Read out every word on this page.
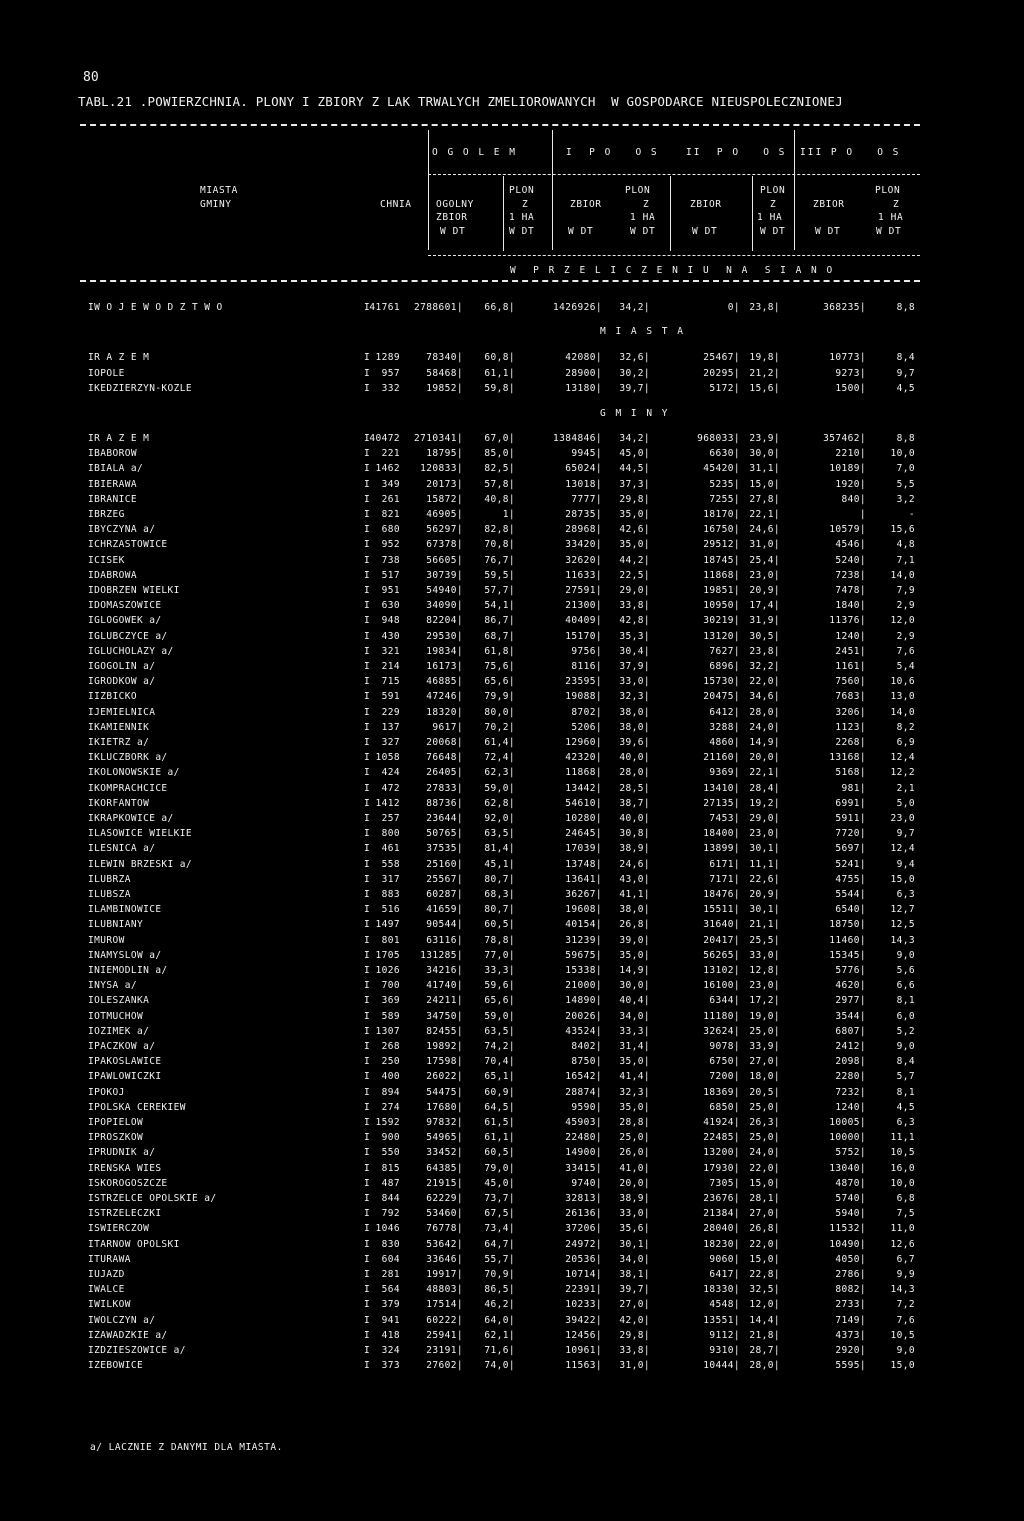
80
TABL.21 .POWIERZCHNIA. PLONY I ZBIORY Z LAK TRWALYCH ZMELIOROWANYCH  W GOSPODARCE NIEUSPOLECZNIONEJ
O G O L E M	I  P O   O S	II  P O   O S III P O   O S
MIASTA
GMINY	CHNIA
PLON	PLON	PLON	PLON
OGOLNY	Z	ZBIOR	Z	ZBIOR	Z	ZBIOR	Z
ZBIOR	1 HA	1 HA	1 HA	1 HA
W DT	W DT	W DT	W DT	W DT	W DT	W DT	W DT
W  P R Z E L I C Z E N I U  N A  S I A N O
IW O J E W O D Z T W O	I 41761	2788601|	66,8|	1426926|	34,2|	0| 23,8|	368235|	8,8
M I A S T A
IR A Z E M	I 1289	78340|	60,8|	42080|	32,6|	25467| 19,8|	10773|	8,4
IOPOLE	I	957	58468|	61,1|	28900|	30,2|	20295| 21,2|	9273|	9,7
IKEDZIERZYN-KOZLE	I	332	19852|	59,8|	13180|	39,7|	5172| 15,6|	1500|	4,5
G M I N Y
IR A Z E M	I 40472	2710341|	67,0|	1384846|	34,2|	968033| 23,9|	357462|	8,8
IBABOROW	I	221	18795|	85,0|	9945|	45,0|	6630| 30,0|	2210|	10,0
IBIALA a/	I 1462	120833|	82,5|	65024|	44,5|	45420| 31,1|	10189|	7,0
IBIERAWA	I	349	20173|	57,8|	13018|	37,3|	5235| 15,0|	1920|	5,5
IBRANICE	I	261	15872|	40,8|	7777|	29,8|	7255| 27,8|	840|	3,2
IBRZEG	I	821	46905|	1|	28735|	35,0|	18170| 22,1|	|	-
IBYCZYNA a/	I	680	56297|	82,8|	28968|	42,6|	16750| 24,6|	10579|	15,6
ICHRZASTOWICE	I	952	67378|	70,8|	33420|	35,0|	29512| 31,0|	4546|	4,8
ICISEK	I	738	56605|	76,7|	32620|	44,2|	18745| 25,4|	5240|	7,1
IDABROWA	I	517	30739|	59,5|	11633|	22,5|	11868| 23,0|	7238|	14,0
IDOBRZEN WIELKI	I	951	54940|	57,7|	27591|	29,0|	19851| 20,9|	7478|	7,9
IDOMASZOWICE	I	630	34090|	54,1|	21300|	33,8|	10950| 17,4|	1840|	2,9
IGLOGOWEK a/	I	948	82204|	86,7|	40409|	42,8|	30219| 31,9|	11376|	12,0
IGLUBCZYCE a/	I	430	29530|	68,7|	15170|	35,3|	13120| 30,5|	1240|	2,9
IGLUCHOLAZY a/	I	321	19834|	61,8|	9756|	30,4|	7627| 23,8|	2451|	7,6
IGOGOLIN a/	I	214	16173|	75,6|	8116|	37,9|	6896| 32,2|	1161|	5,4
IGRODKOW a/	I	715	46885|	65,6|	23595|	33,0|	15730| 22,0|	7560|	10,6
IIZBICKO	I	591	47246|	79,9|	19088|	32,3|	20475| 34,6|	7683|	13,0
IJEMIELNICA	I	229	18320|	80,0|	8702|	38,0|	6412| 28,0|	3206|	14,0
IKAMIENNIK	I	137	9617|	70,2|	5206|	38,0|	3288| 24,0|	1123|	8,2
IKIETRZ a/	I	327	20068|	61,4|	12960|	39,6|	4860| 14,9|	2268|	6,9
IKLUCZBORK a/	I 1058	76648|	72,4|	42320|	40,0|	21160| 20,0|	13168|	12,4
IKOLONOWSKIE a/	I	424	26405|	62,3|	11868|	28,0|	9369| 22,1|	5168|	12,2
IKOMPRACHCICE	I	472	27833|	59,0|	13442|	28,5|	13410| 28,4|	981|	2,1
IKORFANTOW	I 1412	88736|	62,8|	54610|	38,7|	27135| 19,2|	6991|	5,0
IKRAPKOWICE a/	I	257	23644|	92,0|	10280|	40,0|	7453| 29,0|	5911|	23,0
ILASOWICE WIELKIE	I	800	50765|	63,5|	24645|	30,8|	18400| 23,0|	7720|	9,7
ILESNICA a/	I	461	37535|	81,4|	17039|	38,9|	13899| 30,1|	5697|	12,4
ILEWIN BRZESKI a/	I	558	25160|	45,1|	13748|	24,6|	6171| 11,1|	5241|	9,4
ILUBRZA	I	317	25567|	80,7|	13641|	43,0|	7171| 22,6|	4755|	15,0
ILUBSZA	I	883	60287|	68,3|	36267|	41,1|	18476| 20,9|	5544|	6,3
ILAMBINOWICE	I	516	41659|	80,7|	19608|	38,0|	15511| 30,1|	6540|	12,7
ILUBNIANY	I 1497	90544|	60,5|	40154|	26,8|	31640| 21,1|	18750|	12,5
IMUROW	I	801	63116|	78,8|	31239|	39,0|	20417| 25,5|	11460|	14,3
INAMYSLOW a/	I 1705	131285|	77,0|	59675|	35,0|	56265| 33,0|	15345|	9,0
INIEMODLIN a/	I 1026	34216|	33,3|	15338|	14,9|	13102| 12,8|	5776|	5,6
INYSA a/	I	700	41740|	59,6|	21000|	30,0|	16100| 23,0|	4620|	6,6
IOLESZANKA	I	369	24211|	65,6|	14890|	40,4|	6344| 17,2|	2977|	8,1
IOTMUCHOW	I	589	34750|	59,0|	20026|	34,0|	11180| 19,0|	3544|	6,0
IOZIMEK a/	I 1307	82455|	63,5|	43524|	33,3|	32624| 25,0|	6807|	5,2
IPACZKOW a/	I	268	19892|	74,2|	8402|	31,4|	9078| 33,9|	2412|	9,0
IPAKOSLAWICE	I	250	17598|	70,4|	8750|	35,0|	6750| 27,0|	2098|	8,4
IPAWLOWICZKI	I	400	26022|	65,1|	16542|	41,4|	7200| 18,0|	2280|	5,7
IPOKOJ	I	894	54475|	60,9|	28874|	32,3|	18369| 20,5|	7232|	8,1
IPOLSKA CEREKIEW	I	274	17680|	64,5|	9590|	35,0|	6850| 25,0|	1240|	4,5
IPOPIELOW	I 1592	97832|	61,5|	45903|	28,8|	41924| 26,3|	10005|	6,3
IPROSZKOW	I	900	54965|	61,1|	22480|	25,0|	22485| 25,0|	10000|	11,1
IPRUDNIK a/	I	550	33452|	60,5|	14900|	26,0|	13200| 24,0|	5752|	10,5
IRENSKA WIES	I	815	64385|	79,0|	33415|	41,0|	17930| 22,0|	13040|	16,0
ISKOROGOSZCZE	I	487	21915|	45,0|	9740|	20,0|	7305| 15,0|	4870|	10,0
ISTRZELCE OPOLSKIE a/	I	844	62229|	73,7|	32813|	38,9|	23676| 28,1|	5740|	6,8
ISTRZELECZKI	I	792	53460|	67,5|	26136|	33,0|	21384| 27,0|	5940|	7,5
ISWIERCZOW	I 1046	76778|	73,4|	37206|	35,6|	28040| 26,8|	11532|	11,0
ITARNOW OPOLSKI	I	830	53642|	64,7|	24972|	30,1|	18230| 22,0|	10490|	12,6
ITURAWA	I	604	33646|	55,7|	20536|	34,0|	9060| 15,0|	4050|	6,7
IUJAZD	I	281	19917|	70,9|	10714|	38,1|	6417| 22,8|	2786|	9,9
IWALCE	I	564	48803|	86,5|	22391|	39,7|	18330| 32,5|	8082|	14,3
IWILKOW	I	379	17514|	46,2|	10233|	27,0|	4548| 12,0|	2733|	7,2
IWOLCZYN a/	I	941	60222|	64,0|	39422|	42,0|	13551| 14,4|	7149|	7,6
IZAWADZKIE a/	I	418	25941|	62,1|	12456|	29,8|	9112| 21,8|	4373|	10,5
IZDZIESZOWICE a/	I	324	23191|	71,6|	10961|	33,8|	9310| 28,7|	2920|	9,0
IZEBOWICE	I	373	27602|	74,0|	11563|	31,0|	10444| 28,0|	5595|	15,0
a/ LACZNIE Z DANYMI DLA MIASTA.
